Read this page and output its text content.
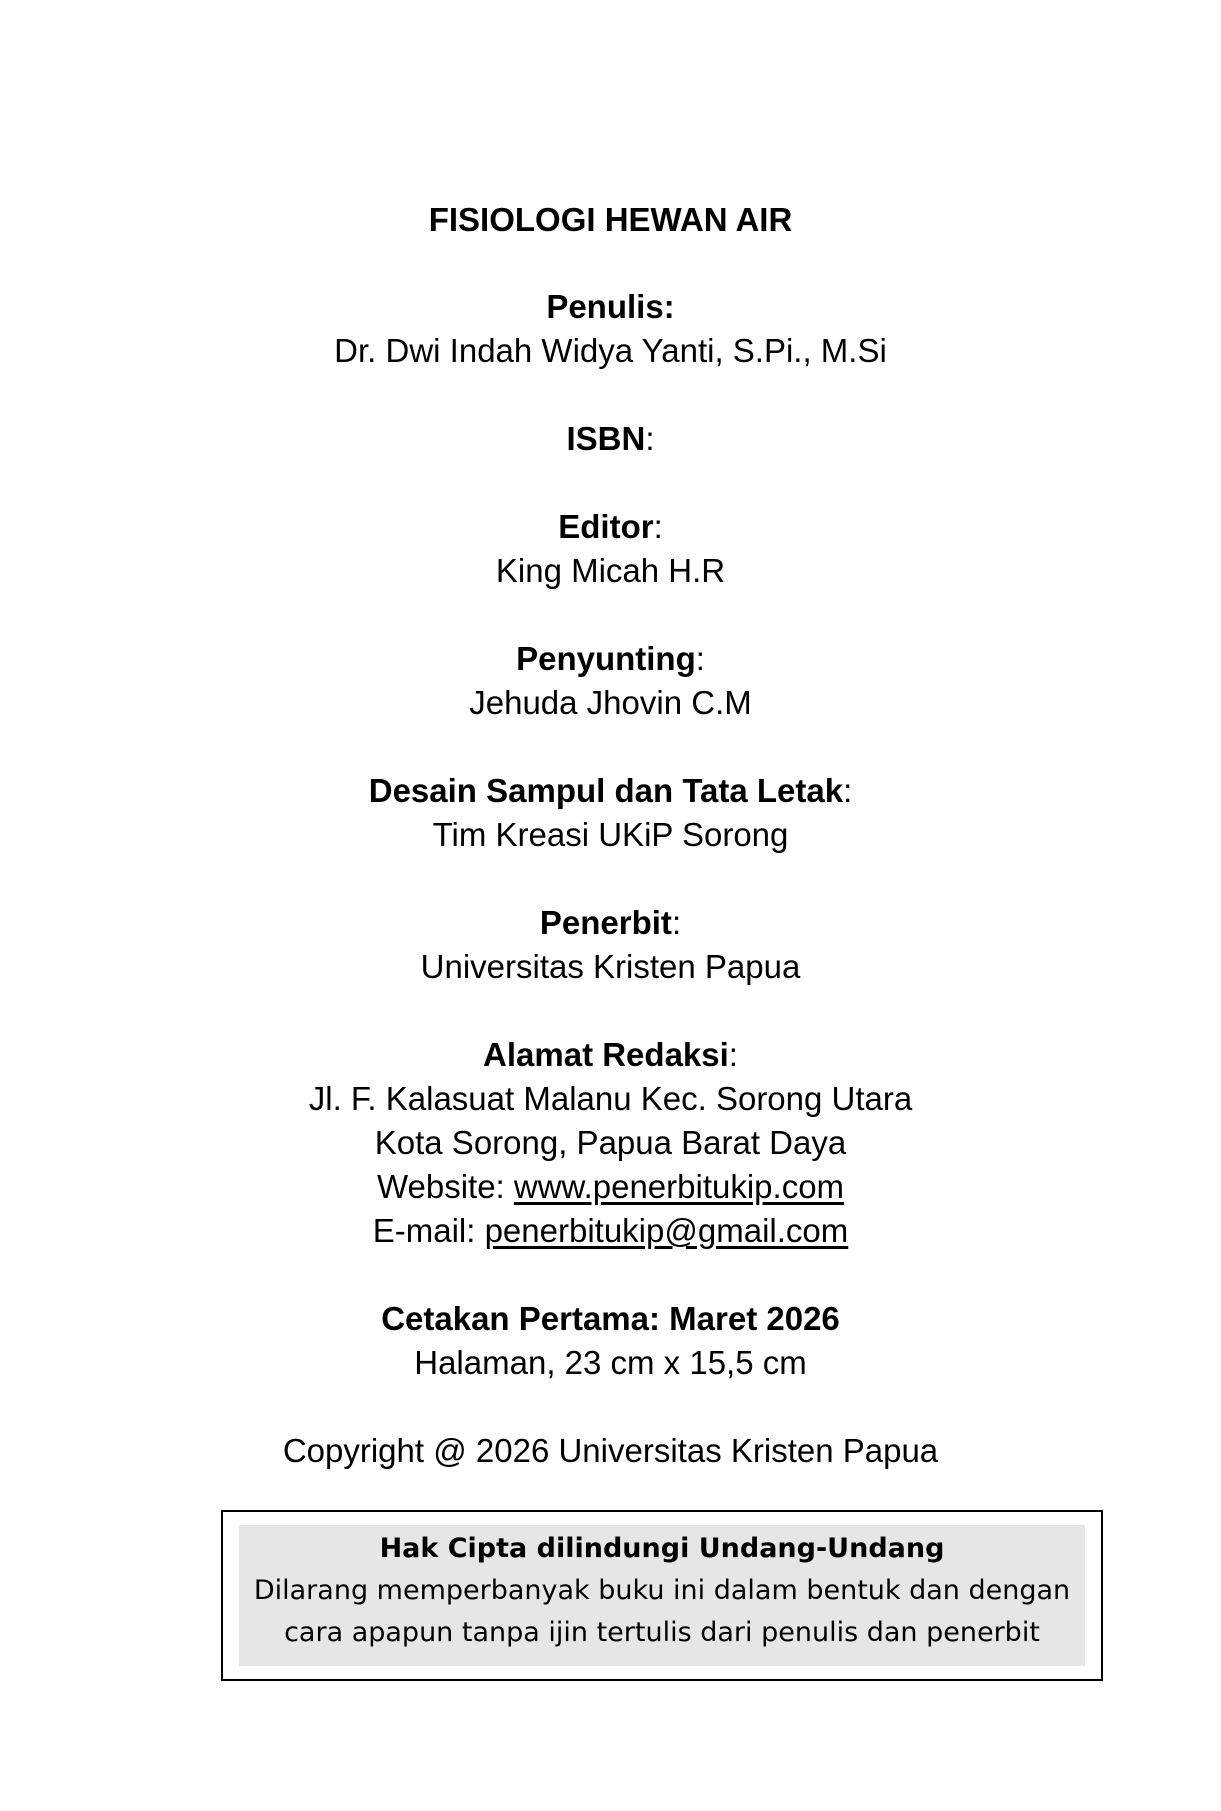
FISIOLOGI HEWAN AIR
Penulis:
Dr. Dwi Indah Widya Yanti, S.Pi., M.Si
ISBN:
Editor:
King Micah H.R
Penyunting:
Jehuda Jhovin C.M
Desain Sampul dan Tata Letak:
Tim Kreasi UKiP Sorong
Penerbit:
Universitas Kristen Papua
Alamat Redaksi:
Jl. F. Kalasuat Malanu Kec. Sorong Utara
Kota Sorong, Papua Barat Daya
Website: www.penerbitukip.com
E-mail: penerbitukip@gmail.com
Cetakan Pertama: Maret 2026
Halaman, 23 cm x 15,5 cm
Copyright @ 2026 Universitas Kristen Papua
Hak Cipta dilindungi Undang-Undang
Dilarang memperbanyak buku ini dalam bentuk dan dengan
cara apapun tanpa ijin tertulis dari penulis dan penerbit
